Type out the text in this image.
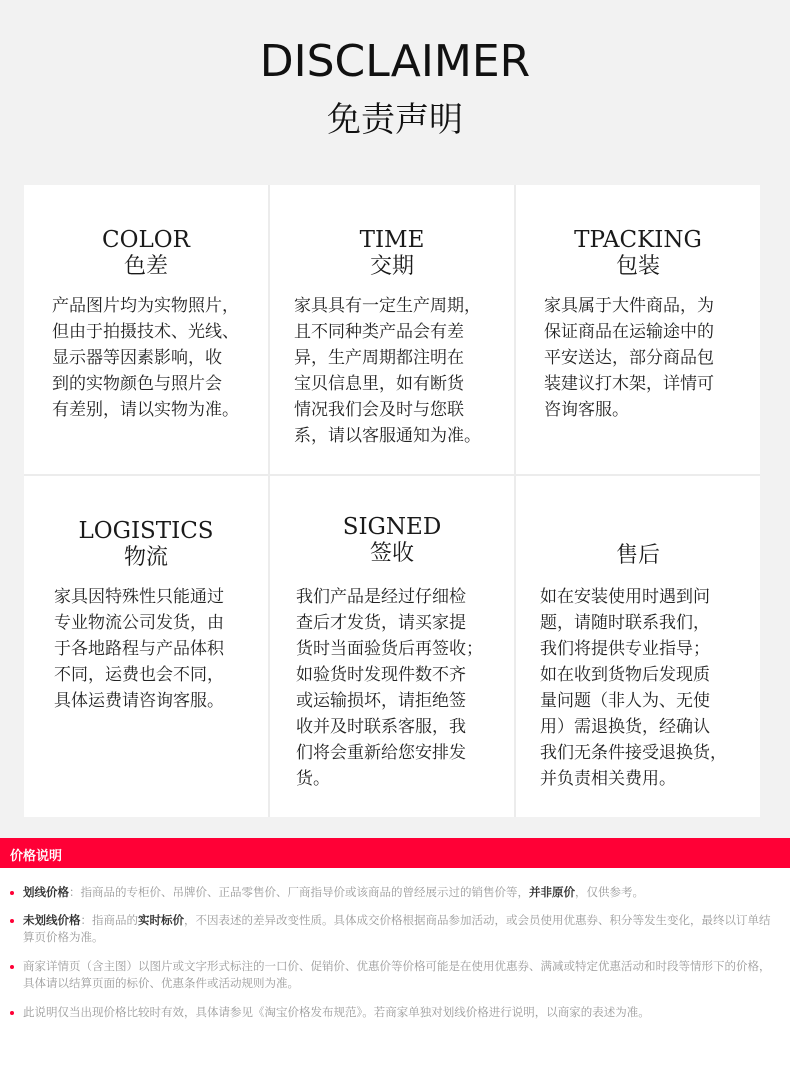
DISCLAIMER
免责声明
COLOR
色差
产品图片均为实物照片，
但由于拍摄技术、光线、
显示器等因素影响，收
到的实物颜色与照片会
有差别，请以实物为准。
TIME
交期
家具具有一定生产周期，
且不同种类产品会有差
异，生产周期都注明在
宝贝信息里，如有断货
情况我们会及时与您联
系，请以客服通知为准。
TPACKING
包装
家具属于大件商品，为
保证商品在运输途中的
平安送达，部分商品包
装建议打木架，详情可
咨询客服。
LOGISTICS
物流
家具因特殊性只能通过
专业物流公司发货，由
于各地路程与产品体积
不同，运费也会不同，
具体运费请咨询客服。
SIGNED
签收
我们产品是经过仔细检
查后才发货，请买家提
货时当面验货后再签收；
如验货时发现件数不齐
或运输损坏，请拒绝签
收并及时联系客服，我
们将会重新给您安排发
货。
售后
如在安装使用时遇到问
题，请随时联系我们，
我们将提供专业指导；
如在收到货物后发现质
量问题（非人为、无使
用）需退换货，经确认
我们无条件接受退换货，
并负责相关费用。
价格说明
划线价格：指商品的专柜价、吊牌价、正品零售价、厂商指导价或该商品的曾经展示过的销售价等，并非原价，仅供参考。
未划线价格：指商品的实时标价，不因表述的差异改变性质。具体成交价格根据商品参加活动，或会员使用优惠券、积分等发生变化，最终以订单结算页价格为准。
商家详情页（含主图）以图片或文字形式标注的一口价、促销价、优惠价等价格可能是在使用优惠券、满减或特定优惠活动和时段等情形下的价格，具体请以结算页面的标价、优惠条件或活动规则为准。
此说明仅当出现价格比较时有效，具体请参见《淘宝价格发布规范》。若商家单独对划线价格进行说明，以商家的表述为准。
